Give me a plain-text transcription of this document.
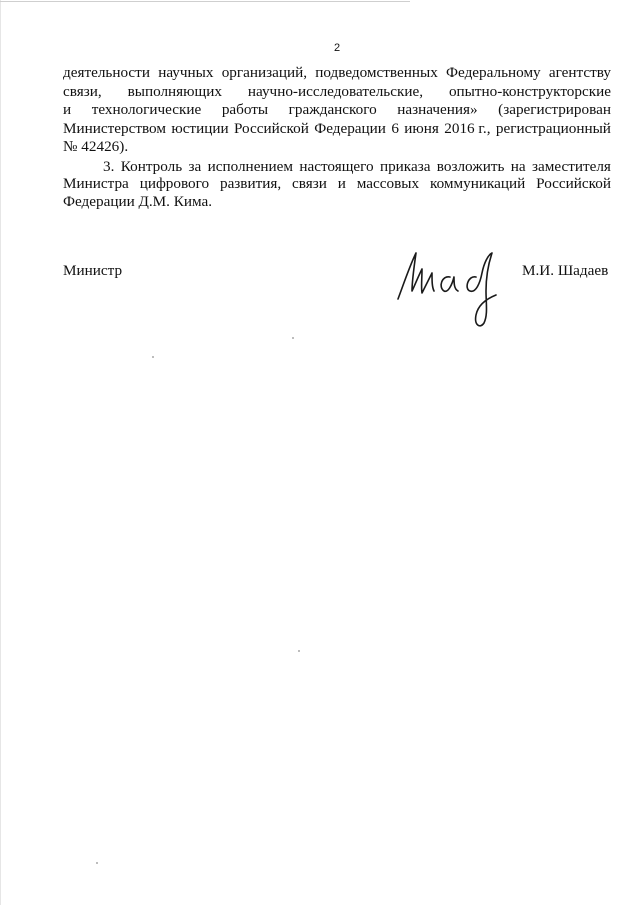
2
деятельности научных организаций, подведомственных Федеральному агентству
связи, выполняющих научно-исследовательские, опытно-конструкторские
и технологические работы гражданского назначения» (зарегистрирован
Министерством юстиции Российской Федерации 6 июня 2016 г., регистрационный
№ 42426).
3. Контроль за исполнением настоящего приказа возложить на заместителя
Министра цифрового развития, связи и массовых коммуникаций Российской
Федерации Д.М. Кима.
Министр	М.И. Шадаев
